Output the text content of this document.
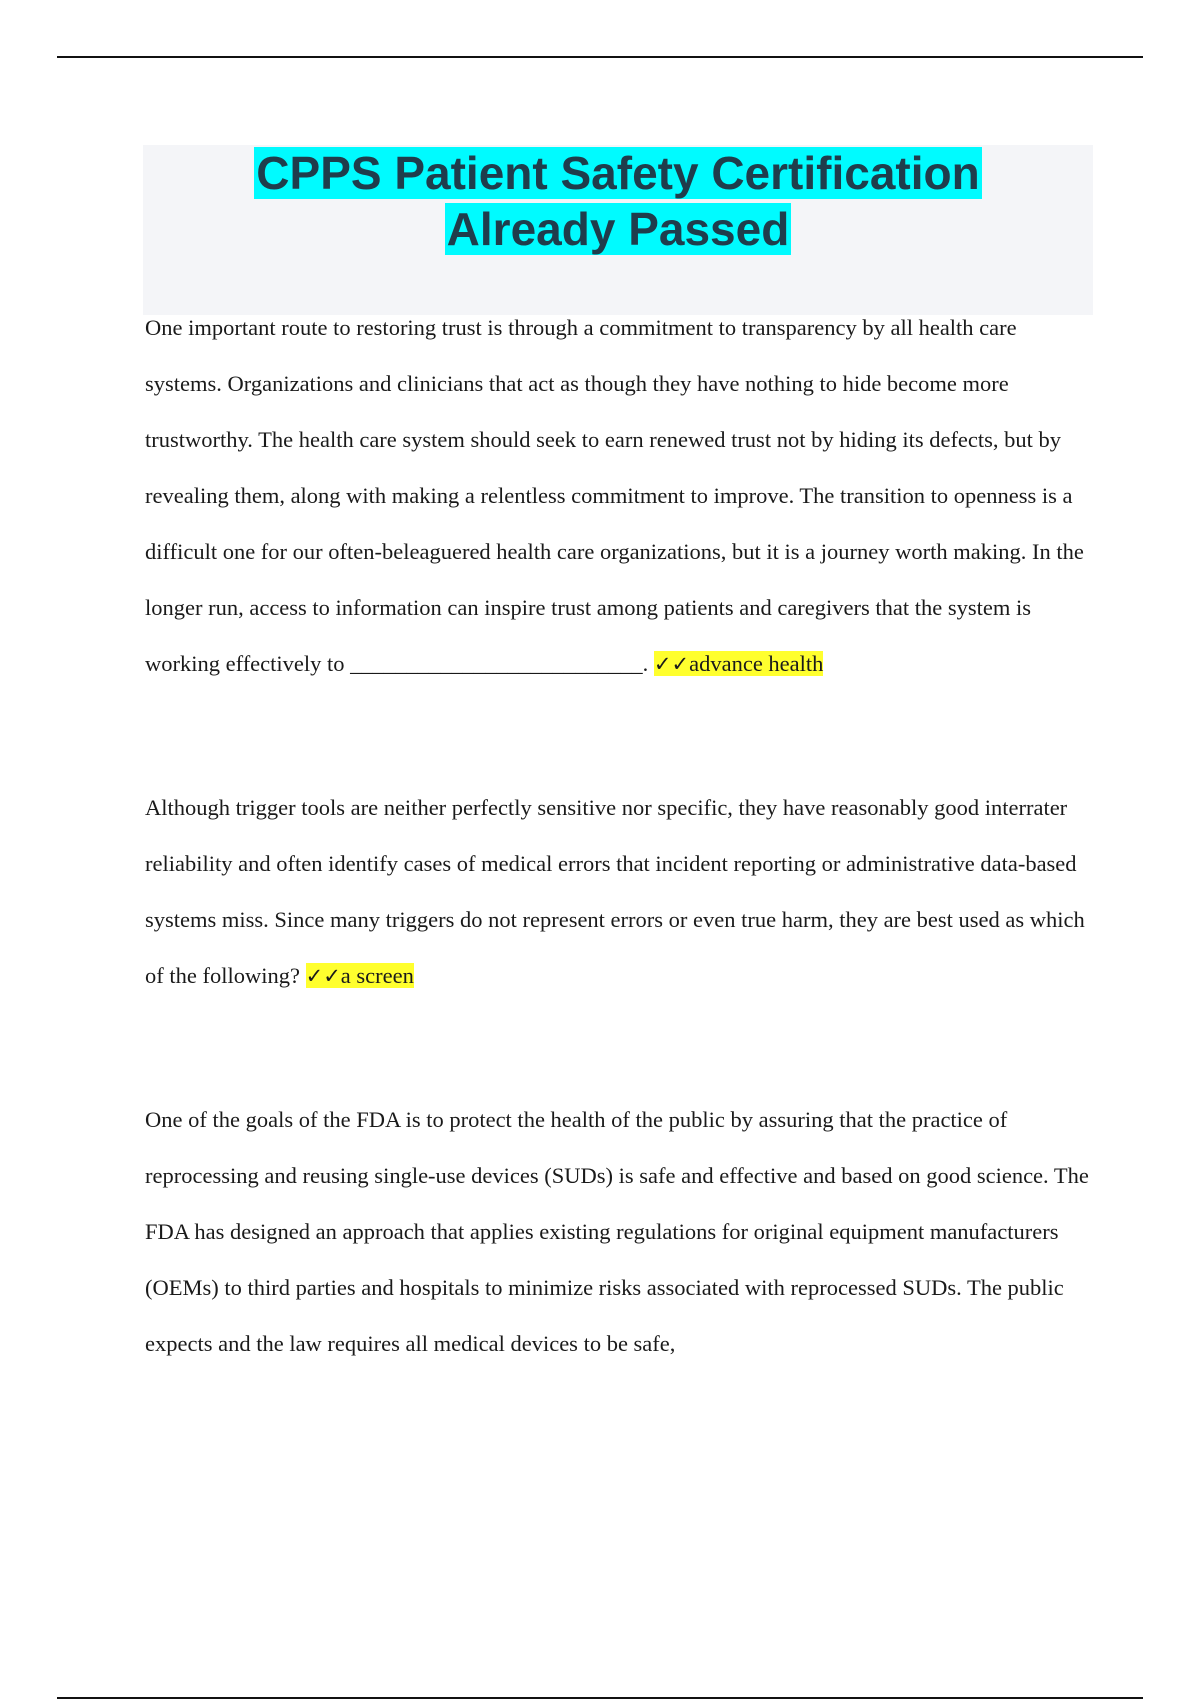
CPPS Patient Safety Certification
Already Passed

One important route to restoring trust is through a commitment to transparency by all health care systems. Organizations and clinicians that act as though they have nothing to hide become more trustworthy. The health care system should seek to earn renewed trust not by hiding its defects, but by revealing them, along with making a relentless commitment to improve. The transition to openness is a difficult one for our often-beleaguered health care organizations, but it is a journey worth making. In the longer run, access to information can inspire trust among patients and caregivers that the system is working effectively to __________________________. ✓✓advance health

Although trigger tools are neither perfectly sensitive nor specific, they have reasonably good interrater reliability and often identify cases of medical errors that incident reporting or administrative data-based systems miss. Since many triggers do not represent errors or even true harm, they are best used as which of the following? ✓✓a screen

One of the goals of the FDA is to protect the health of the public by assuring that the practice of reprocessing and reusing single-use devices (SUDs) is safe and effective and based on good science. The FDA has designed an approach that applies existing regulations for original equipment manufacturers (OEMs) to third parties and hospitals to minimize risks associated with reprocessed SUDs. The public expects and the law requires all medical devices to be safe,
